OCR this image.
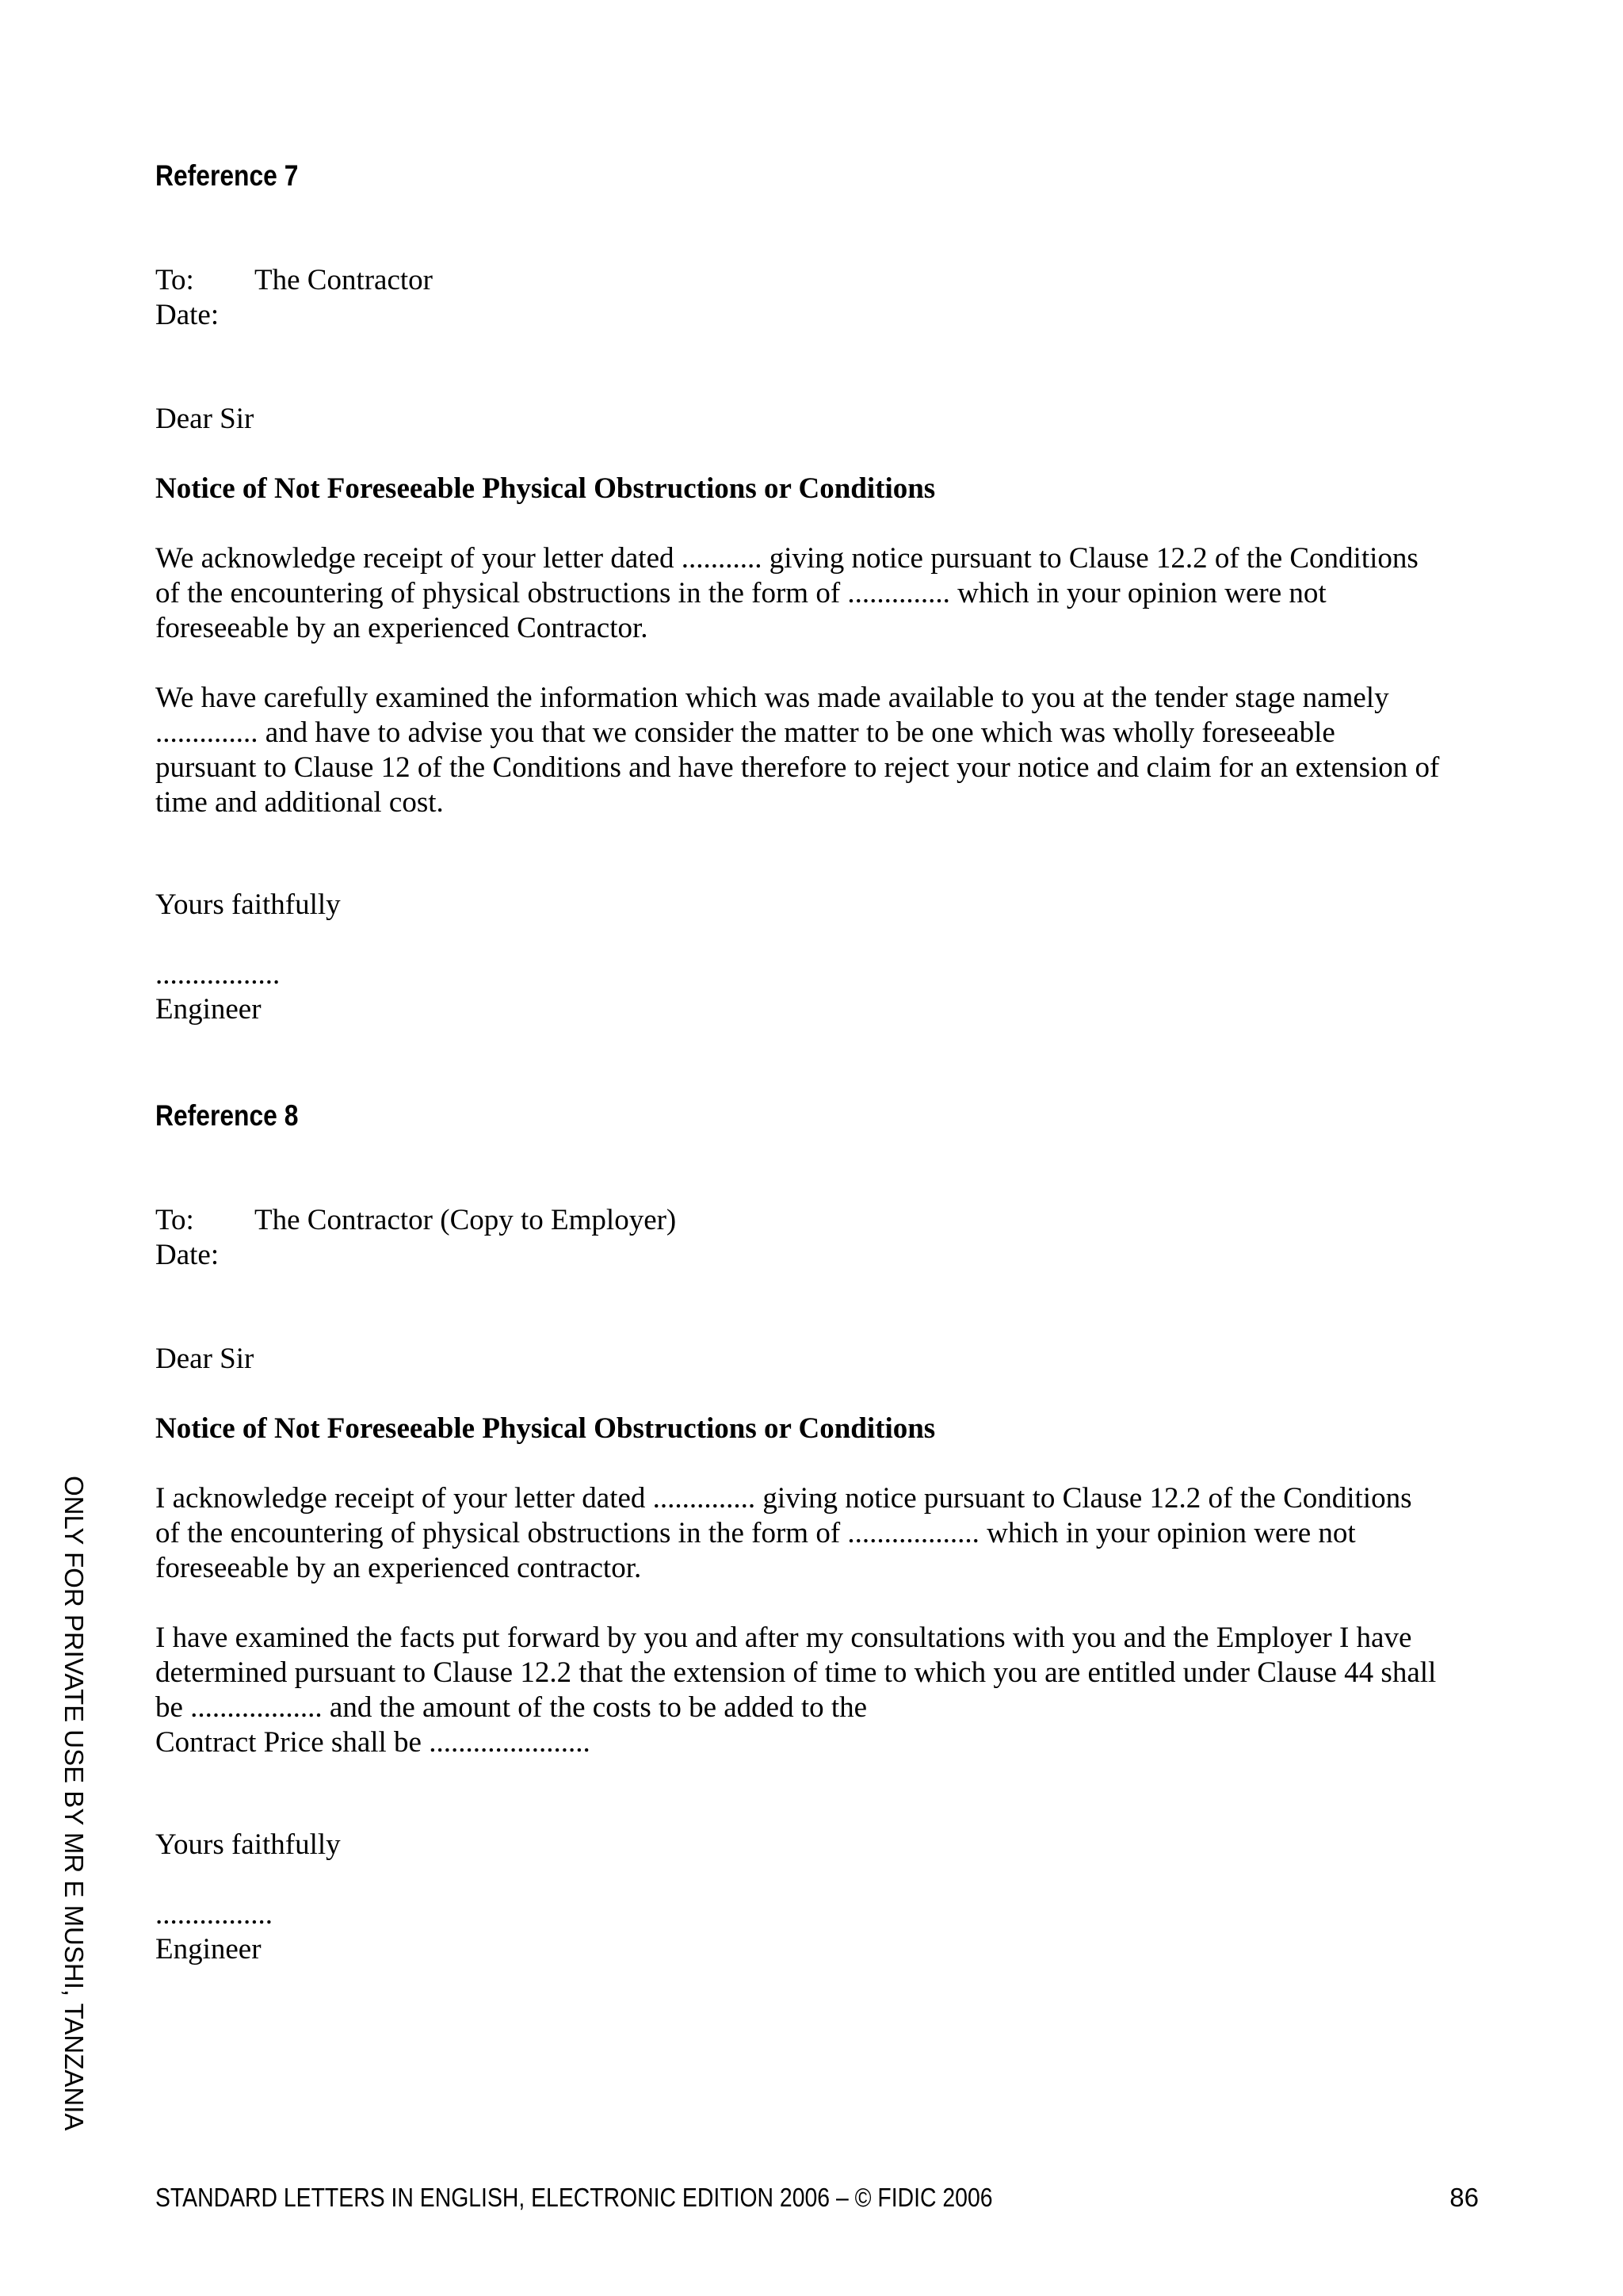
Reference 7
To:	The Contractor
Date:
Dear Sir
Notice of Not Foreseeable Physical Obstructions or Conditions
We acknowledge receipt of your letter dated ........... giving notice pursuant to Clause 12.2 of the Conditions
of the encountering of physical obstructions in the form of .............. which in your opinion were not
foreseeable by an experienced Contractor.
We have carefully examined the information which was made available to you at the tender stage namely
.............. and have to advise you that we consider the matter to be one which was wholly foreseeable
pursuant to Clause 12 of the Conditions and have therefore to reject your notice and claim for an extension of
time and additional cost.
Yours faithfully
.................
Engineer
Reference 8
To:	The Contractor (Copy to Employer)
Date:
Dear Sir
Notice of Not Foreseeable Physical Obstructions or Conditions
I acknowledge receipt of your letter dated .............. giving notice pursuant to Clause 12.2 of the Conditions
of the encountering of physical obstructions in the form of .................. which in your opinion were not
foreseeable by an experienced contractor.
I have examined the facts put forward by you and after my consultations with you and the Employer I have
determined pursuant to Clause 12.2 that the extension of time to which you are entitled under Clause 44 shall
be .................. and the amount of the costs to be added to the
Contract Price shall be ......................
Yours faithfully
................
Engineer
ONLY FOR PRIVATE USE BY MR E MUSHI, TANZANIA
STANDARD LETTERS IN ENGLISH, ELECTRONIC EDITION 2006 – © FIDIC 2006	86
